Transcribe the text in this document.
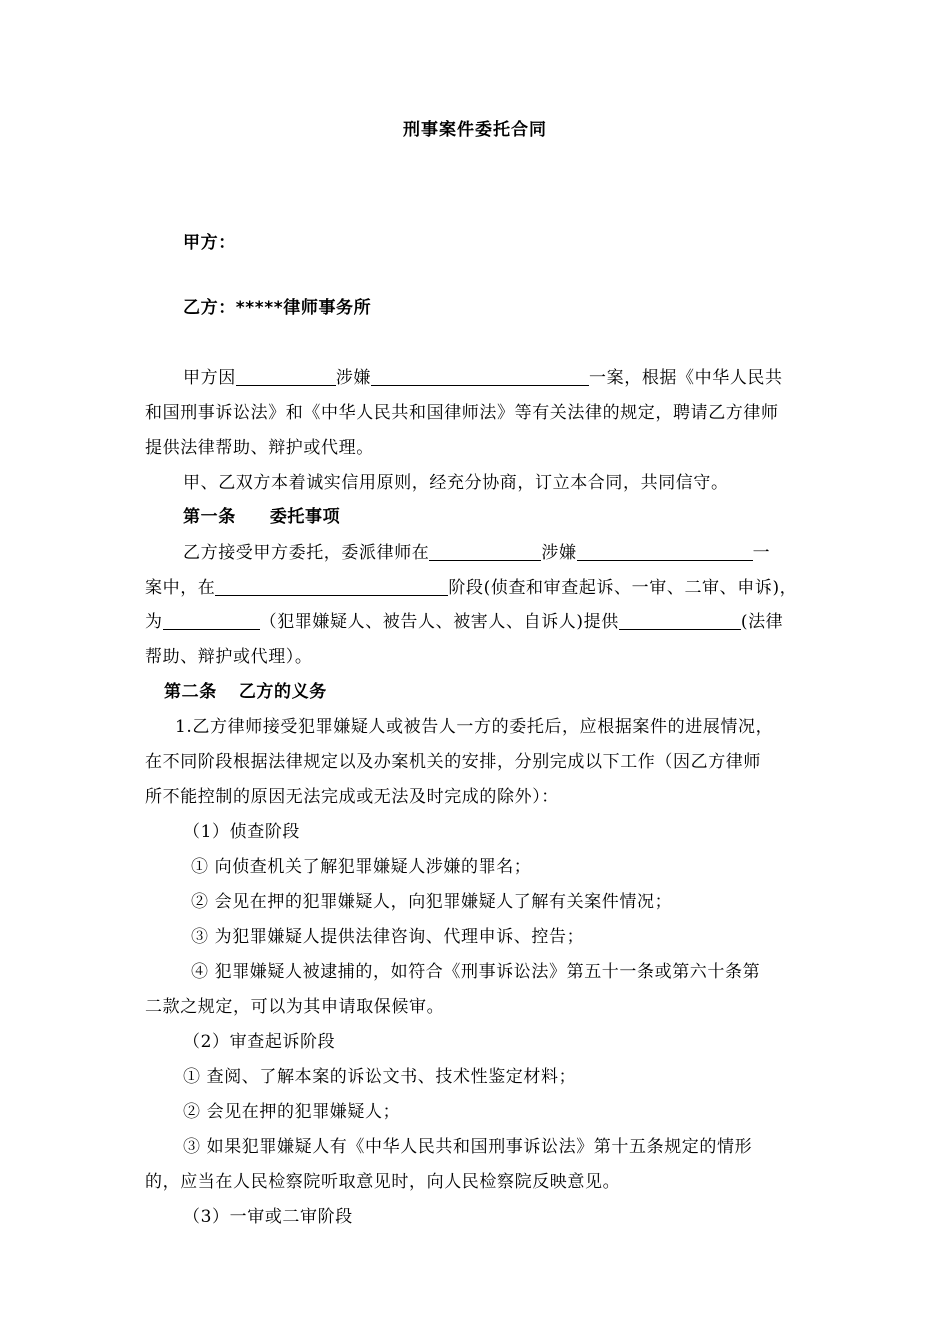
刑事案件委托合同
甲方：
乙方：*****律师事务所
甲方因	涉嫌	一案，根据《中华人民共
和国刑事诉讼法》和《中华人民共和国律师法》等有关法律的规定，聘请乙方律师
提供法律帮助、辩护或代理。
甲、乙双方本着诚实信用原则，经充分协商，订立本合同，共同信守。
第一条 委托事项
乙方接受甲方委托，委派律师在	涉嫌	一
案中，在	阶段(侦查和审查起诉、一审、二审、申诉)，
为	（犯罪嫌疑人、被告人、被害人、自诉人)提供	(法律
帮助、辩护或代理）。
第二条 乙方的义务
1.乙方律师接受犯罪嫌疑人或被告人一方的委托后，应根据案件的进展情况，
在不同阶段根据法律规定以及办案机关的安排，分别完成以下工作（因乙方律师
所不能控制的原因无法完成或无法及时完成的除外）：
（1）侦查阶段
① 向侦查机关了解犯罪嫌疑人涉嫌的罪名；
② 会见在押的犯罪嫌疑人，向犯罪嫌疑人了解有关案件情况；
③ 为犯罪嫌疑人提供法律咨询、代理申诉、控告；
④ 犯罪嫌疑人被逮捕的，如符合《刑事诉讼法》第五十一条或第六十条第
二款之规定，可以为其申请取保候审。
（2）审查起诉阶段
① 查阅、了解本案的诉讼文书、技术性鉴定材料；
② 会见在押的犯罪嫌疑人；
③ 如果犯罪嫌疑人有《中华人民共和国刑事诉讼法》第十五条规定的情形
的，应当在人民检察院听取意见时，向人民检察院反映意见。
（3）一审或二审阶段
